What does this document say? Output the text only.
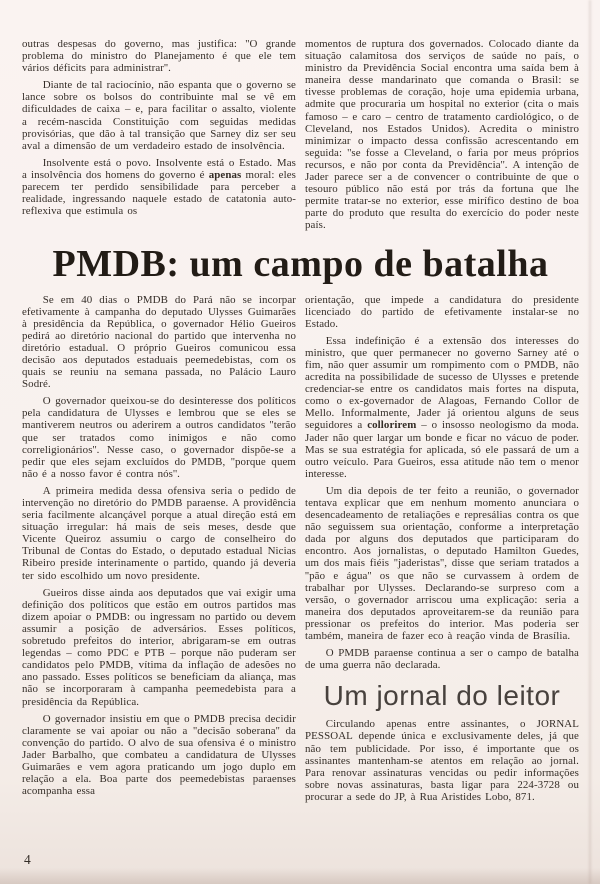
outras despesas do governo, mas justifica: ''O grande problema do ministro do Planejamento é que ele tem vários déficits para administrar''.

Diante de tal raciocínio, não espanta que o governo se lance sobre os bolsos do contribuinte mal se vê em dificuldades de caixa – e, para facilitar o assalto, violente a recém-nascida Constituição com seguidas medidas provisórias, que dão à tal transição que Sarney diz ser seu aval a dimensão de um verdadeiro estado de insolvência.

Insolvente está o povo. Insolvente está o Estado. Mas a insolvência dos homens do governo é apenas moral: eles parecem ter perdido sensibilidade para perceber a realidade, ingressando naquele estado de catatonia auto-reflexiva que estimula os

momentos de ruptura dos governados. Colocado diante da situação calamitosa dos serviços de saúde no país, o ministro da Previdência Social encontra uma saída bem à maneira desse mandarinato que comanda o Brasil: se tivesse problemas de coração, hoje uma epidemia urbana, admite que procuraria um hospital no exterior (cita o mais famoso – e caro – centro de tratamento cardiológico, o de Cleveland, nos Estados Unidos). Acredita o ministro minimizar o impacto dessa confissão acrescentando em seguida: ''se fosse a Cleveland, o faria por meus próprios recursos, e não por conta da Previdência''. A intenção de Jader parece ser a de convencer o contribuinte de que o tesouro público não está por trás da fortuna que lhe permite tratar-se no exterior, esse mirífico destino de boa parte do produto que resulta do exercício do poder neste país.

PMDB: um campo de batalha

Se em 40 dias o PMDB do Pará não se incorpar efetivamente à campanha do deputado Ulysses Guimarães à presidência da República, o governador Hélio Gueiros pedirá ao diretório nacional do partido que intervenha no diretório estadual. O próprio Gueiros comunicou essa decisão aos deputados estaduais peemedebistas, com os quais se reuniu na semana passada, no Palácio Lauro Sodré.

O governador queixou-se do desinteresse dos políticos pela candidatura de Ulysses e lembrou que se eles se mantiverem neutros ou aderirem a outros candidatos ''terão que ser tratados como inimigos e não como correligionários''. Nesse caso, o governador dispõe-se a pedir que eles sejam excluídos do PMDB, ''porque quem não é a nosso favor é contra nós''.

A primeira medida dessa ofensiva seria o pedido de intervenção no diretório do PMDB paraense. A providência seria facilmente alcançável porque a atual direção está em situação irregular: há mais de seis meses, desde que Vicente Queiroz assumiu o cargo de conselheiro do Tribunal de Contas do Estado, o deputado estadual Nicias Ribeiro preside interinamente o partido, quando já deveria ter sido escolhido um novo presidente.

Gueiros disse ainda aos deputados que vai exigir uma definição dos políticos que estão em outros partidos mas dizem apoiar o PMDB: ou ingressam no partido ou devem assumir a posição de adversários. Esses políticos, sobretudo prefeitos do interior, abrigaram-se em outras legendas – como PDC e PTB – porque não puderam ser candidatos pelo PMDB, vítima da inflação de adesões no ano passado. Esses políticos se beneficiam da aliança, mas não se incorporaram à campanha peemedebista para a presidência da República.

O governador insistiu em que o PMDB precisa decidir claramente se vai apoiar ou não a ''decisão soberana'' da convenção do partido. O alvo de sua ofensiva é o ministro Jader Barbalho, que combateu a candidatura de Ulysses Guimarães e vem agora praticando um jogo duplo em relação a ela. Boa parte dos peemedebistas paraenses acompanha essa

orientação, que impede a candidatura do presidente licenciado do partido de efetivamente instalar-se no Estado.

Essa indefinição é a extensão dos interesses do ministro, que quer permanecer no governo Sarney até o fim, não quer assumir um rompimento com o PMDB, não acredita na possibilidade de sucesso de Ulysses e pretende credenciar-se entre os candidatos mais fortes na disputa, como o ex-governador de Alagoas, Fernando Collor de Mello. Informalmente, Jader já orientou alguns de seus seguidores a collorirem – o insosso neologismo da moda. Jader não quer largar um bonde e ficar no vácuo de poder. Mas se sua estratégia for aplicada, só ele passará de um a outro veículo. Para Gueiros, essa atitude não tem o menor interesse.

Um dia depois de ter feito a reunião, o governador tentava explicar que em nenhum momento anunciara o desencadeamento de retaliações e represálias contra os que não seguissem sua orientação, conforme a interpretação dada por alguns dos deputados que participaram do encontro. Aos jornalistas, o deputado Hamilton Guedes, um dos mais fiéis ''jaderistas'', disse que seriam tratados a ''pão e água'' os que não se curvassem à ordem de trabalhar por Ulysses. Declarando-se surpreso com a versão, o governador arriscou uma explicação: seria a maneira dos deputados aproveitarem-se da reunião para pressionar os prefeitos do interior. Mas poderia ser também, maneira de fazer eco à reação vinda de Brasília.

O PMDB paraense continua a ser o campo de batalha de uma guerra não declarada.

Um jornal do leitor

Circulando apenas entre assinantes, o JORNAL PESSOAL depende única e exclusivamente deles, já que não tem publicidade. Por isso, é importante que os assinantes mantenham-se atentos em relação ao jornal. Para renovar assinaturas vencidas ou pedir informações sobre novas assinaturas, basta ligar para 224-3728 ou procurar a sede do JP, à Rua Aristides Lobo, 871.

4
